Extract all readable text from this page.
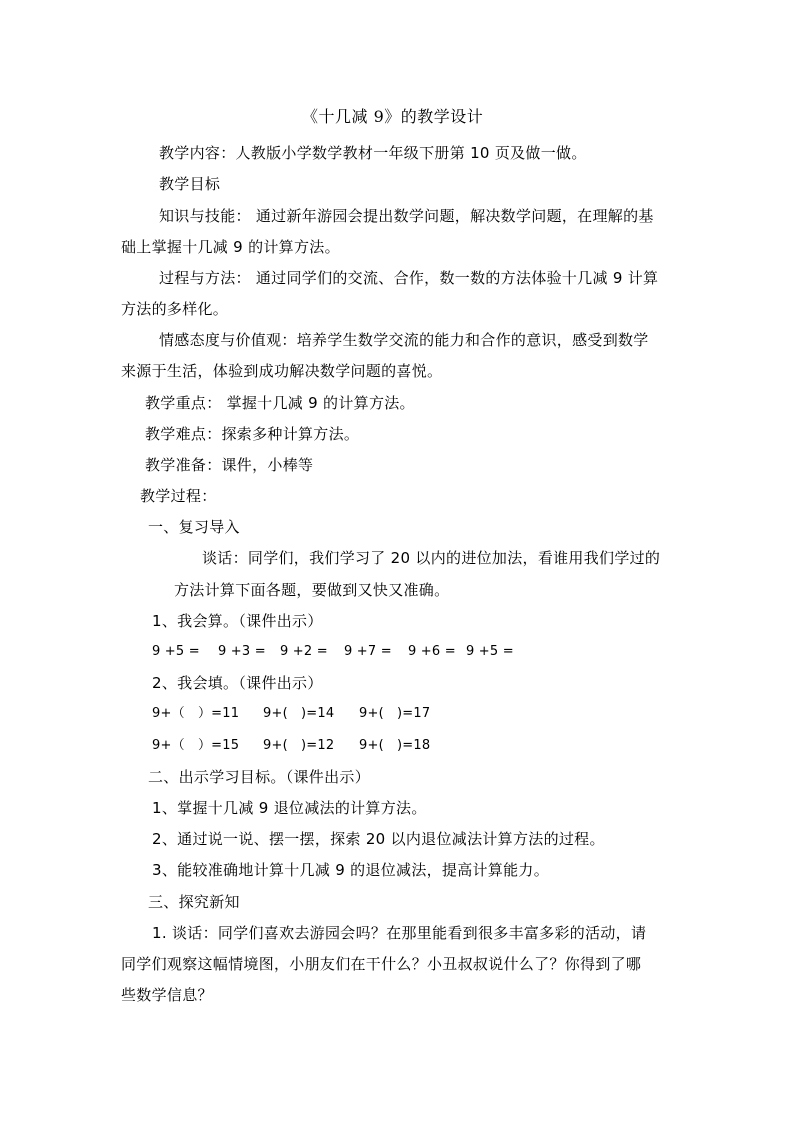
《十几减 9》的教学设计

教学内容：人教版小学数学教材一年级下册第 10 页及做一做。

教学目标

知识与技能： 通过新年游园会提出数学问题，解决数学问题，在理解的基

础上掌握十几减 9 的计算方法。

过程与方法： 通过同学们的交流、合作，数一数的方法体验十几减 9 计算

方法的多样化。

情感态度与价值观：培养学生数学交流的能力和合作的意识，感受到数学

来源于生活，体验到成功解决数学问题的喜悦。

教学重点： 掌握十几减 9 的计算方法。

教学难点：探索多种计算方法。

教学准备：课件，小棒等

教学过程：

一、复习导入

谈话：同学们，我们学习了 20 以内的进位加法，看谁用我们学过的

方法计算下面各题，要做到又快又准确。

1、我会算。（课件出示）

9 +5 = 9 +3 = 9 +2 = 9 +7 = 9 +6 = 9 +5 =

2、我会填。（课件出示）

9+（　）=11 9+(　)=14 9+(　)=17
9+（　）=15 9+(　)=12 9+(　)=18

二、出示学习目标。（课件出示）

1、掌握十几减 9 退位减法的计算方法。

2、通过说一说、摆一摆，探索 20 以内退位减法计算方法的过程。

3、能较准确地计算十几减 9 的退位减法，提高计算能力。

三、探究新知

1. 谈话：同学们喜欢去游园会吗？在那里能看到很多丰富多彩的活动，请

同学们观察这幅情境图，小朋友们在干什么？小丑叔叔说什么了？你得到了哪

些数学信息？
